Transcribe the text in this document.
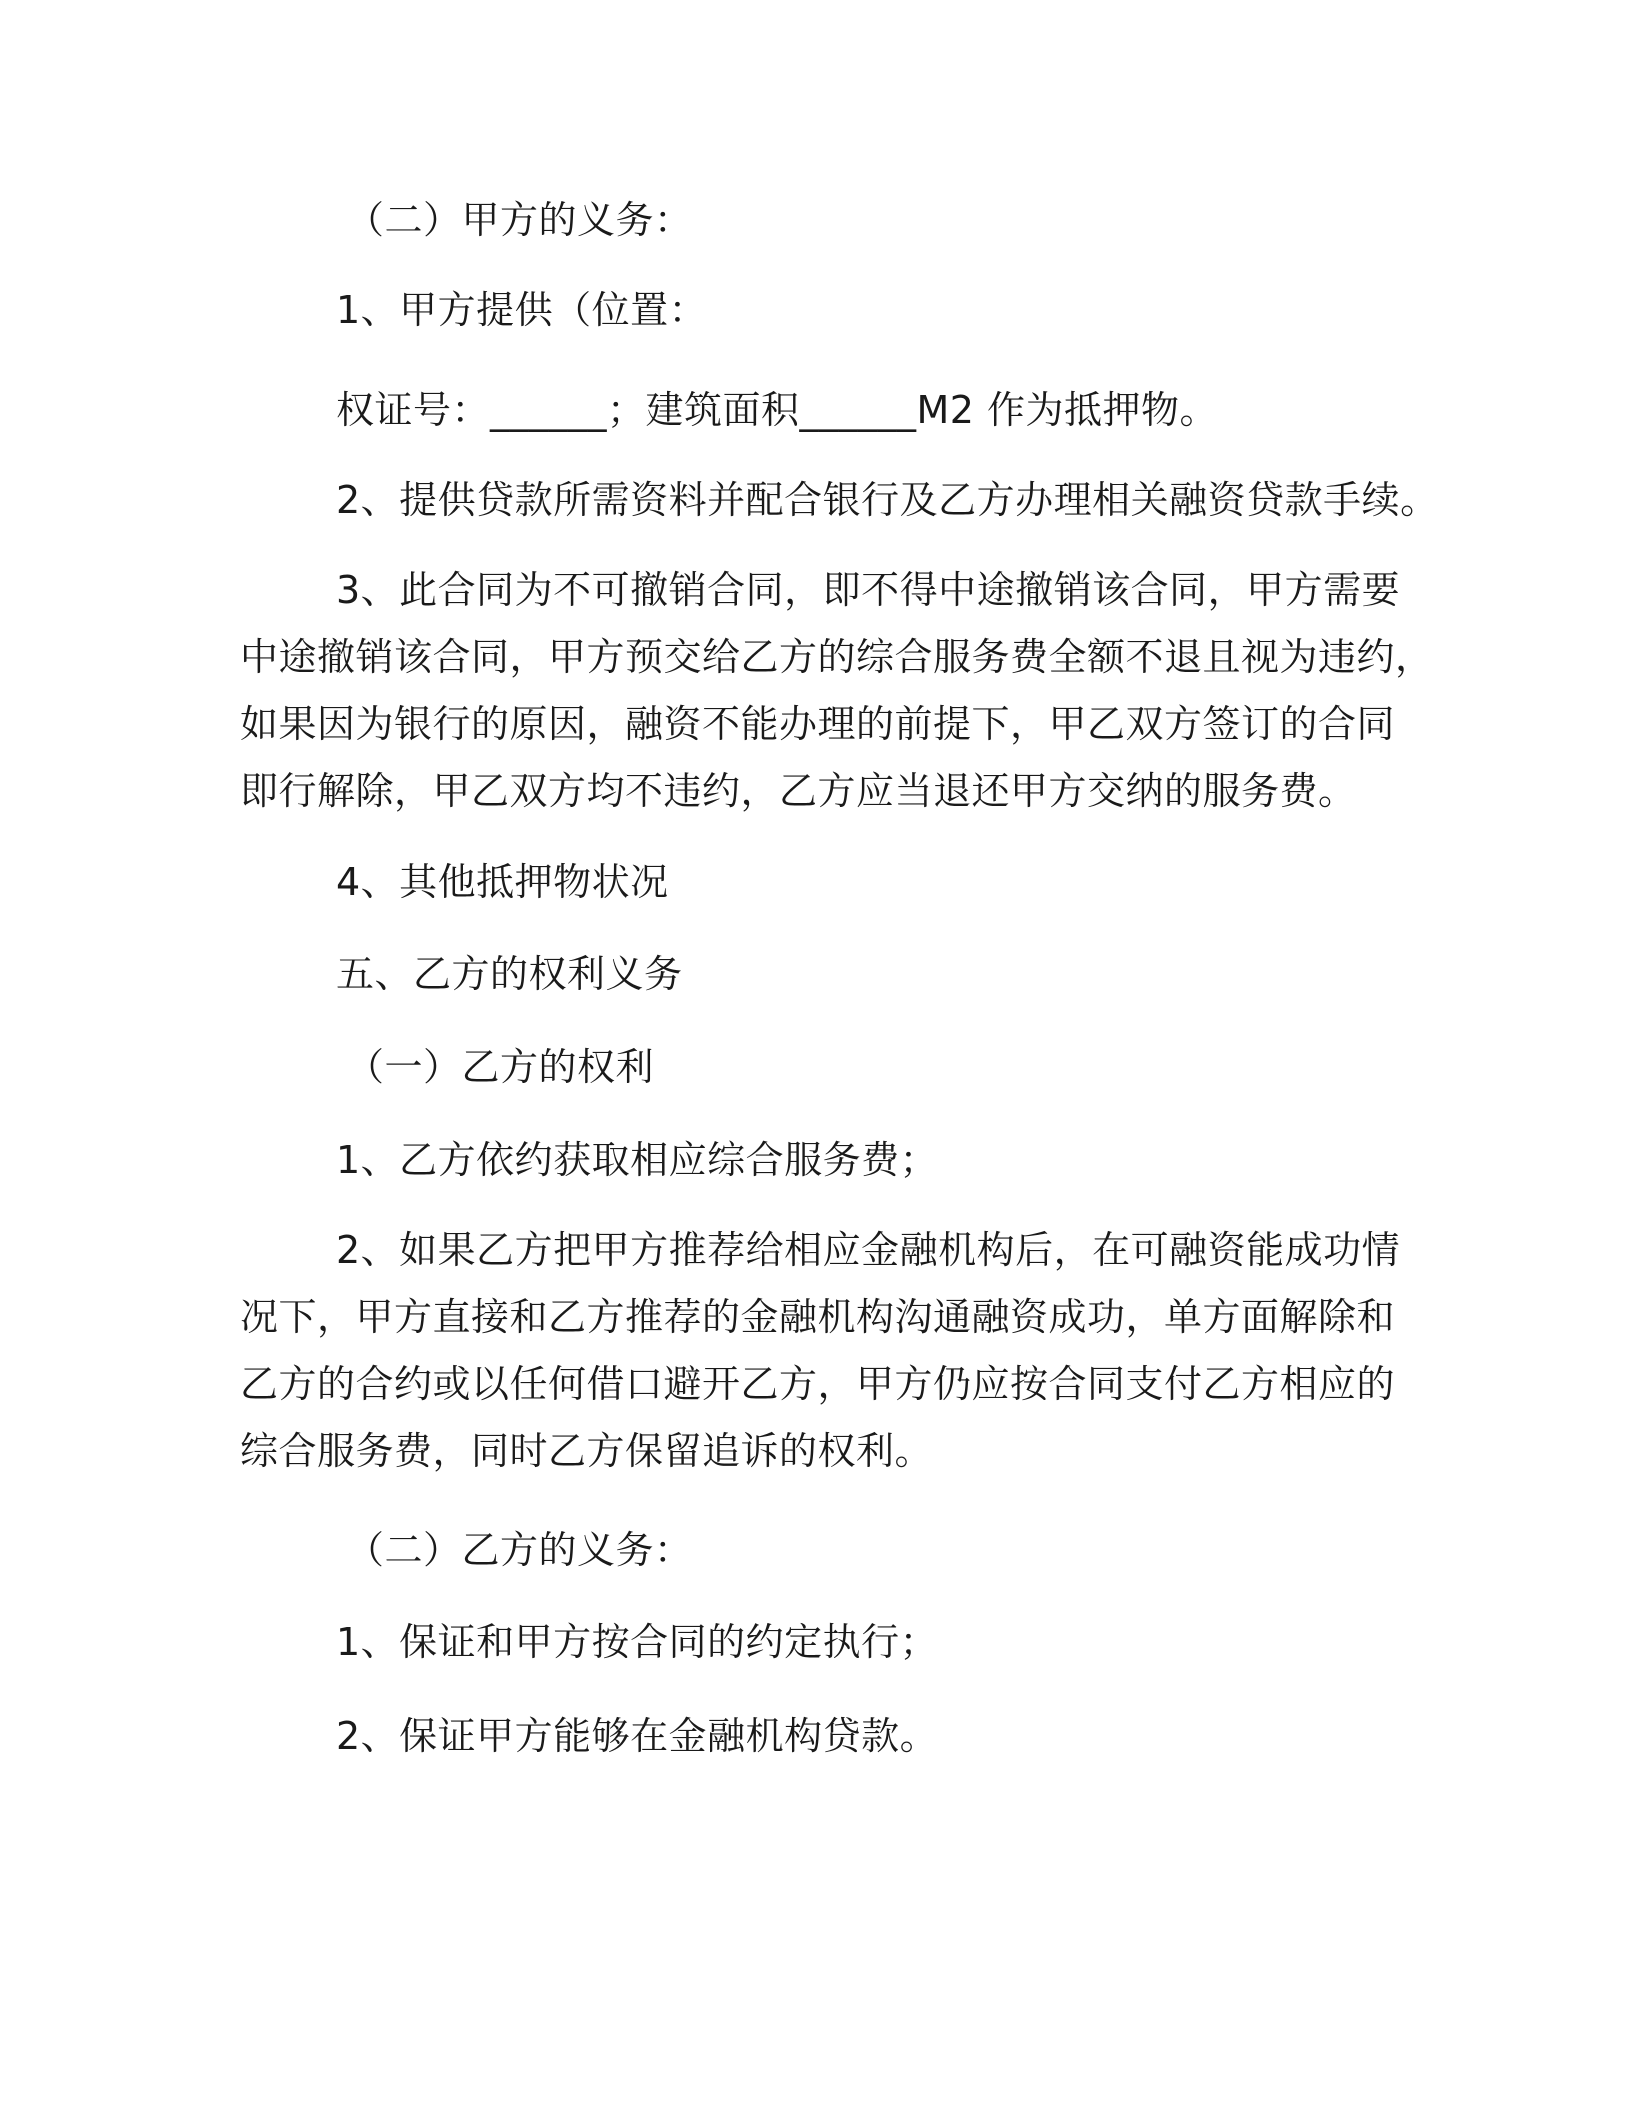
（二）甲方的义务：
1、甲方提供（位置：
权证号：______；建筑面积______M2 作为抵押物。
2、提供贷款所需资料并配合银行及乙方办理相关融资贷款手续。
3、此合同为不可撤销合同，即不得中途撤销该合同，甲方需要
中途撤销该合同，甲方预交给乙方的综合服务费全额不退且视为违约，
如果因为银行的原因，融资不能办理的前提下，甲乙双方签订的合同
即行解除，甲乙双方均不违约，乙方应当退还甲方交纳的服务费。
4、其他抵押物状况
五、乙方的权利义务
（一）乙方的权利
1、乙方依约获取相应综合服务费；
2、如果乙方把甲方推荐给相应金融机构后，在可融资能成功情
况下，甲方直接和乙方推荐的金融机构沟通融资成功，单方面解除和
乙方的合约或以任何借口避开乙方，甲方仍应按合同支付乙方相应的
综合服务费，同时乙方保留追诉的权利。
（二）乙方的义务：
1、保证和甲方按合同的约定执行；
2、保证甲方能够在金融机构贷款。
